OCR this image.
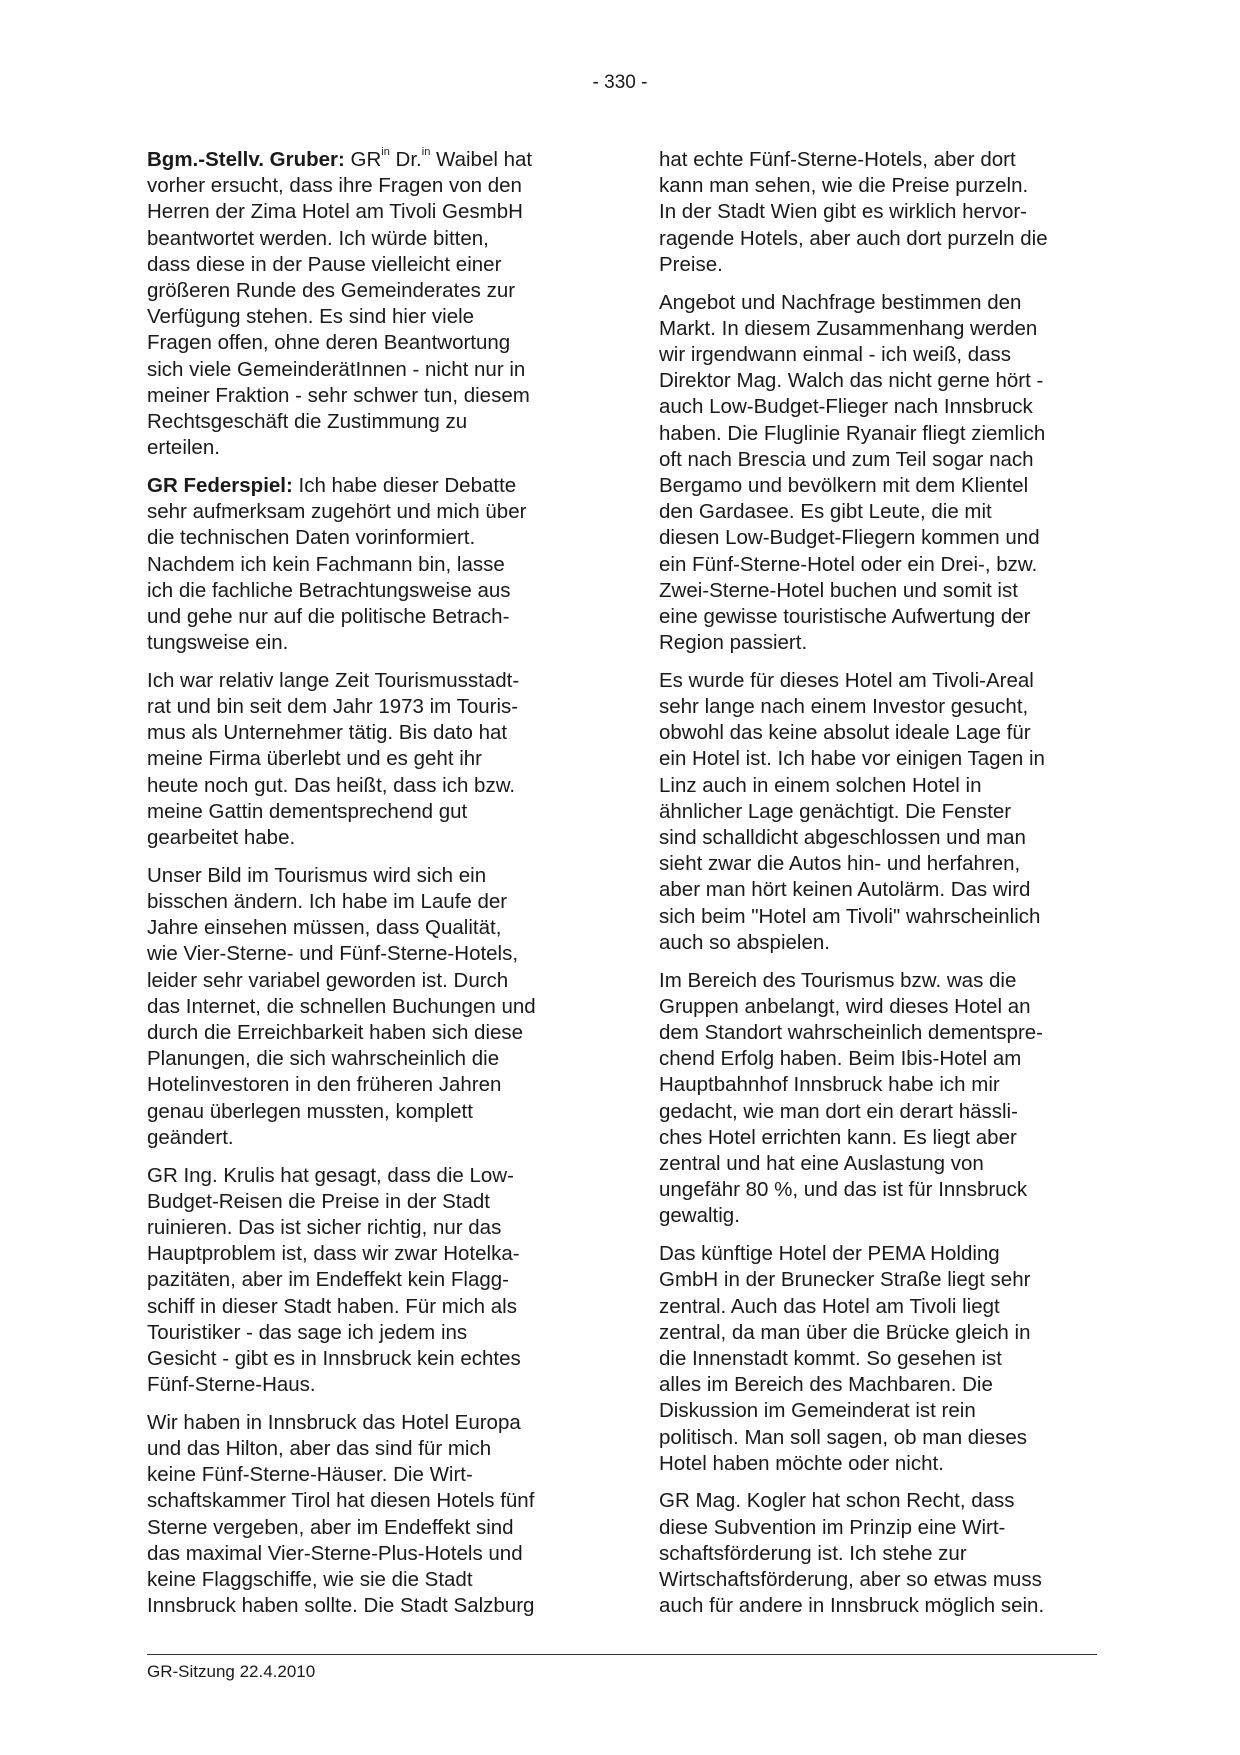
- 330 -
Bgm.-Stellv. Gruber: $GR^{in}$ Dr.$^{in}$ Waibel hat
vorher ersucht, dass ihre Fragen von den
Herren der Zima Hotel am Tivoli GesmbH
beantwortet werden. Ich würde bitten,
dass diese in der Pause vielleicht einer
größeren Runde des Gemeinderates zur
Verfügung stehen. Es sind hier viele
Fragen offen, ohne deren Beantwortung
sich viele GemeinderätInnen - nicht nur in
meiner Fraktion - sehr schwer tun, diesem
Rechtsgeschäft die Zustimmung zu
erteilen.
GR Federspiel: Ich habe dieser Debatte
sehr aufmerksam zugehört und mich über
die technischen Daten vorinformiert.
Nachdem ich kein Fachmann bin, lasse
ich die fachliche Betrachtungsweise aus
und gehe nur auf die politische Betrach-
tungsweise ein.
Ich war relativ lange Zeit Tourismusstadt-
rat und bin seit dem Jahr 1973 im Touris-
mus als Unternehmer tätig. Bis dato hat
meine Firma überlebt und es geht ihr
heute noch gut. Das heißt, dass ich bzw.
meine Gattin dementsprechend gut
gearbeitet habe.
Unser Bild im Tourismus wird sich ein
bisschen ändern. Ich habe im Laufe der
Jahre einsehen müssen, dass Qualität,
wie Vier-Sterne- und Fünf-Sterne-Hotels,
leider sehr variabel geworden ist. Durch
das Internet, die schnellen Buchungen und
durch die Erreichbarkeit haben sich diese
Planungen, die sich wahrscheinlich die
Hotelinvestoren in den früheren Jahren
genau überlegen mussten, komplett
geändert.
GR Ing. Krulis hat gesagt, dass die Low-
Budget-Reisen die Preise in der Stadt
ruinieren. Das ist sicher richtig, nur das
Hauptproblem ist, dass wir zwar Hotelka-
pazitäten, aber im Endeffekt kein Flagg-
schiff in dieser Stadt haben. Für mich als
Touristiker - das sage ich jedem ins
Gesicht - gibt es in Innsbruck kein echtes
Fünf-Sterne-Haus.
Wir haben in Innsbruck das Hotel Europa
und das Hilton, aber das sind für mich
keine Fünf-Sterne-Häuser. Die Wirt-
schaftskammer Tirol hat diesen Hotels fünf
Sterne vergeben, aber im Endeffekt sind
das maximal Vier-Sterne-Plus-Hotels und
keine Flaggschiffe, wie sie die Stadt
Innsbruck haben sollte. Die Stadt Salzburg
hat echte Fünf-Sterne-Hotels, aber dort
kann man sehen, wie die Preise purzeln.
In der Stadt Wien gibt es wirklich hervor-
ragende Hotels, aber auch dort purzeln die
Preise.
Angebot und Nachfrage bestimmen den
Markt. In diesem Zusammenhang werden
wir irgendwann einmal - ich weiß, dass
Direktor Mag. Walch das nicht gerne hört -
auch Low-Budget-Flieger nach Innsbruck
haben. Die Fluglinie Ryanair fliegt ziemlich
oft nach Brescia und zum Teil sogar nach
Bergamo und bevölkern mit dem Klientel
den Gardasee. Es gibt Leute, die mit
diesen Low-Budget-Fliegern kommen und
ein Fünf-Sterne-Hotel oder ein Drei-, bzw.
Zwei-Sterne-Hotel buchen und somit ist
eine gewisse touristische Aufwertung der
Region passiert.
Es wurde für dieses Hotel am Tivoli-Areal
sehr lange nach einem Investor gesucht,
obwohl das keine absolut ideale Lage für
ein Hotel ist. Ich habe vor einigen Tagen in
Linz auch in einem solchen Hotel in
ähnlicher Lage genächtigt. Die Fenster
sind schalldicht abgeschlossen und man
sieht zwar die Autos hin- und herfahren,
aber man hört keinen Autolärm. Das wird
sich beim "Hotel am Tivoli" wahrscheinlich
auch so abspielen.
Im Bereich des Tourismus bzw. was die
Gruppen anbelangt, wird dieses Hotel an
dem Standort wahrscheinlich dementspre-
chend Erfolg haben. Beim Ibis-Hotel am
Hauptbahnhof Innsbruck habe ich mir
gedacht, wie man dort ein derart hässli-
ches Hotel errichten kann. Es liegt aber
zentral und hat eine Auslastung von
ungefähr 80 %, und das ist für Innsbruck
gewaltig.
Das künftige Hotel der PEMA Holding
GmbH in der Brunecker Straße liegt sehr
zentral. Auch das Hotel am Tivoli liegt
zentral, da man über die Brücke gleich in
die Innenstadt kommt. So gesehen ist
alles im Bereich des Machbaren. Die
Diskussion im Gemeinderat ist rein
politisch. Man soll sagen, ob man dieses
Hotel haben möchte oder nicht.
GR Mag. Kogler hat schon Recht, dass
diese Subvention im Prinzip eine Wirt-
schaftsförderung ist. Ich stehe zur
Wirtschaftsförderung, aber so etwas muss
auch für andere in Innsbruck möglich sein.
GR-Sitzung 22.4.2010
